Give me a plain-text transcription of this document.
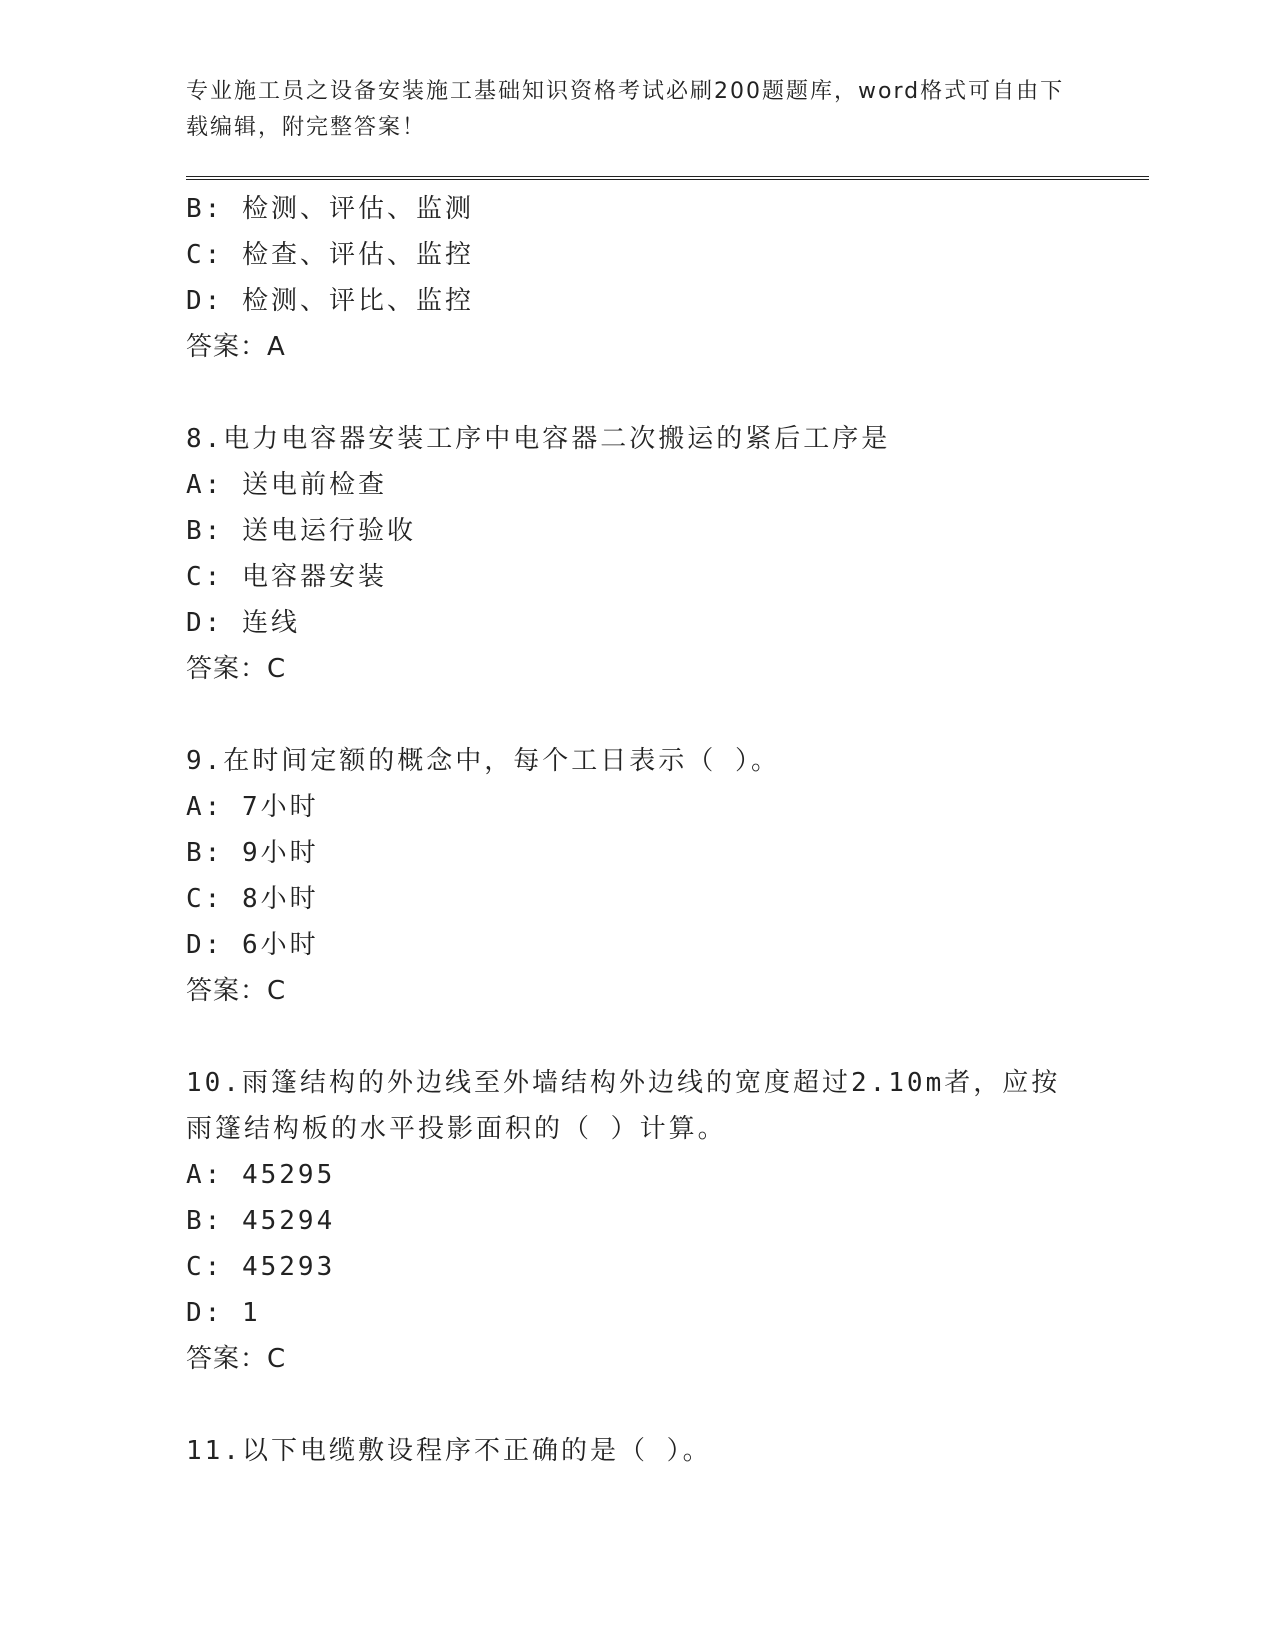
专业施工员之设备安装施工基础知识资格考试必刷200题题库，word格式可自由下载编辑，附完整答案！
B: 检测、评估、监测
C: 检查、评估、监控
D: 检测、评比、监控
答案：A
8.电力电容器安装工序中电容器二次搬运的紧后工序是
A: 送电前检查
B: 送电运行验收
C: 电容器安装
D: 连线
答案：C
9.在时间定额的概念中，每个工日表示（ ）。
A: 7小时
B: 9小时
C: 8小时
D: 6小时
答案：C
10.雨篷结构的外边线至外墙结构外边线的宽度超过2.10m者，应按雨篷结构板的水平投影面积的（ ）计算。
A: 45295
B: 45294
C: 45293
D: 1
答案：C
11.以下电缆敷设程序不正确的是（ ）。
